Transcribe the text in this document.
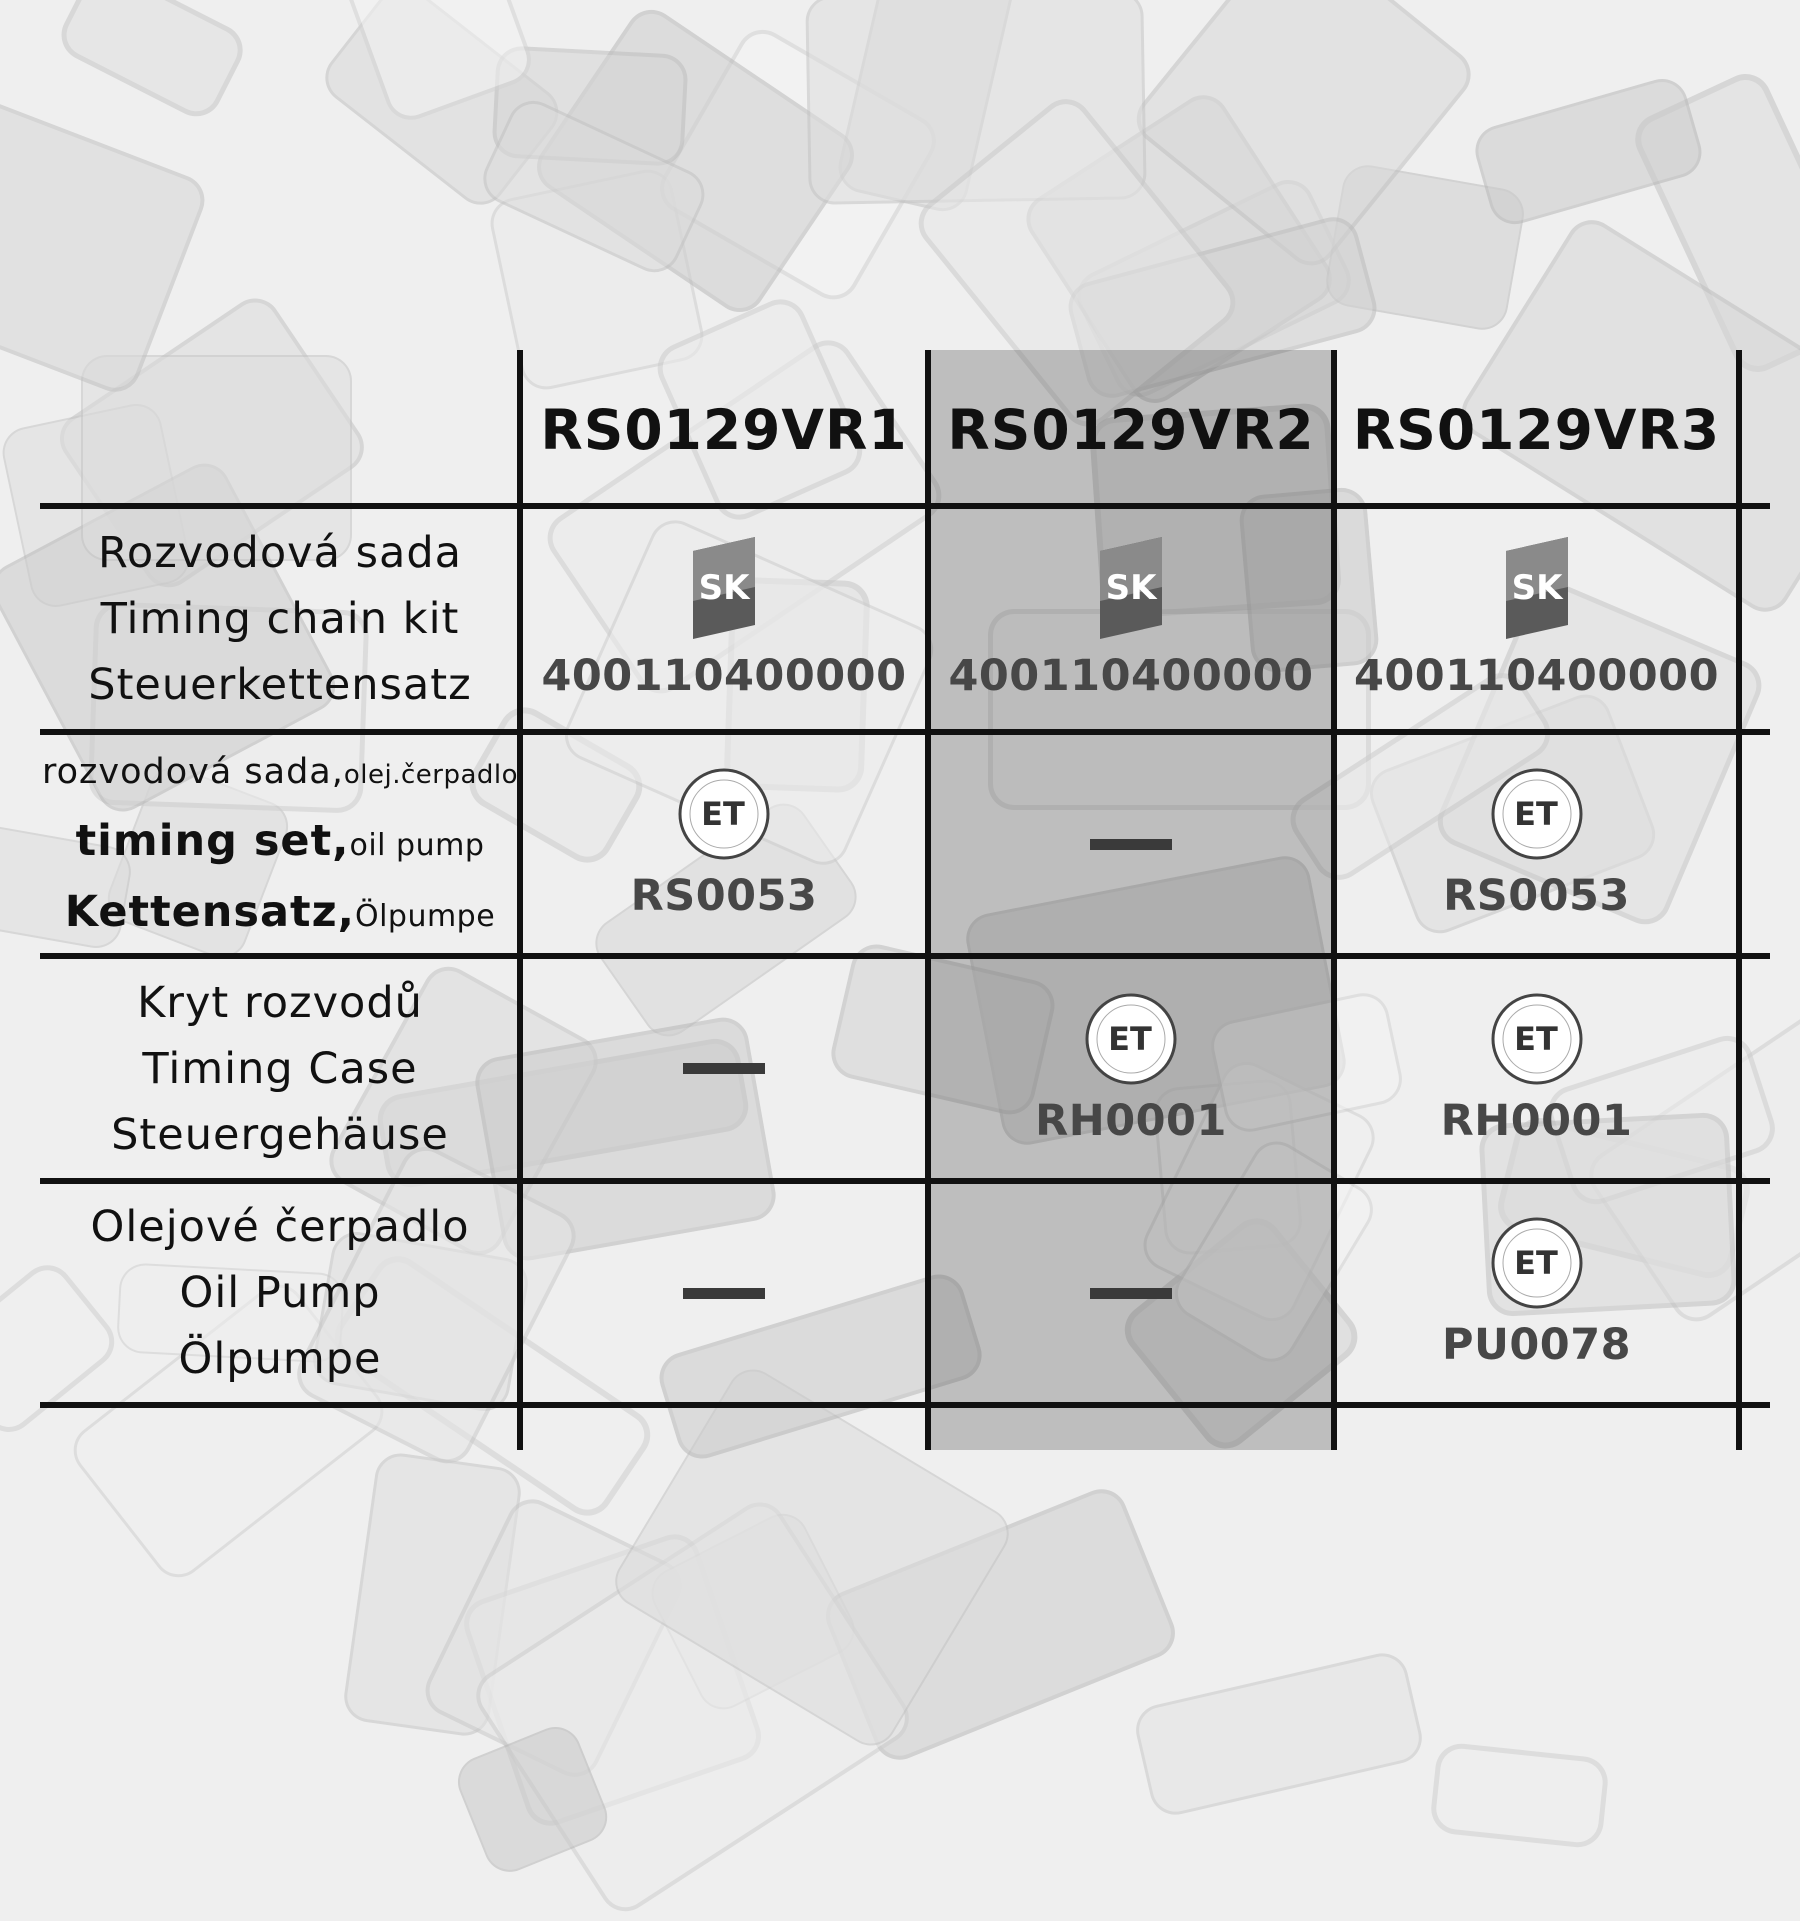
RS0129VR1 RS0129VR2 RS0129VR3
Rozvodová sada
Timing chain kit
Steuerkettensatz
rozvodová sada,olej.čerpadlo
timing set,oil pump
Kettensatz,Ölpumpe
Kryt rozvodů
Timing Case
Steuergehäuse
Olejové čerpadlo
Oil Pump
Ölpumpe
SK
400110400000
SK
400110400000
SK
400110400000
ET
RS0053
ET
RS0053
ET
RH0001
ET
RH0001
ET
PU0078
